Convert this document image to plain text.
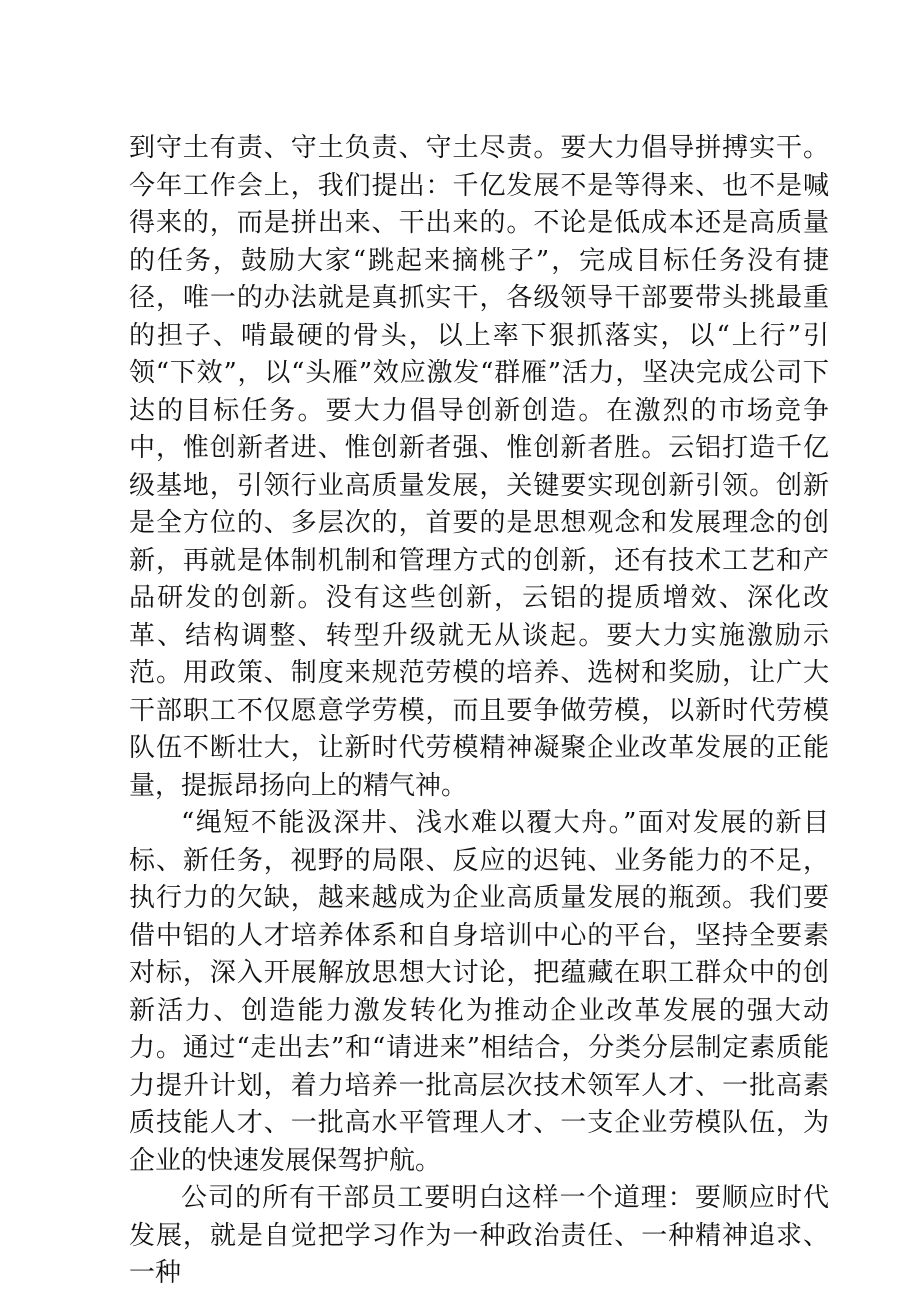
到守土有责、守土负责、守土尽责。要大力倡导拼搏实干。今年工作会上，我们提出：千亿发展不是等得来、也不是喊得来的，而是拼出来、干出来的。不论是低成本还是高质量的任务，鼓励大家“跳起来摘桃子”，完成目标任务没有捷径，唯一的办法就是真抓实干，各级领导干部要带头挑最重的担子、啃最硬的骨头，以上率下狠抓落实，以“上行”引领“下效”，以“头雁”效应激发“群雁”活力，坚决完成公司下达的目标任务。要大力倡导创新创造。在激烈的市场竞争中，惟创新者进、惟创新者强、惟创新者胜。云铝打造千亿级基地，引领行业高质量发展，关键要实现创新引领。创新是全方位的、多层次的，首要的是思想观念和发展理念的创新，再就是体制机制和管理方式的创新，还有技术工艺和产品研发的创新。没有这些创新，云铝的提质增效、深化改革、结构调整、转型升级就无从谈起。要大力实施激励示范。用政策、制度来规范劳模的培养、选树和奖励，让广大干部职工不仅愿意学劳模，而且要争做劳模，以新时代劳模队伍不断壮大，让新时代劳模精神凝聚企业改革发展的正能量，提振昂扬向上的精气神。

“绳短不能汲深井、浅水难以覆大舟。”面对发展的新目标、新任务，视野的局限、反应的迟钝、业务能力的不足，执行力的欠缺，越来越成为企业高质量发展的瓶颈。我们要借中铝的人才培养体系和自身培训中心的平台，坚持全要素对标，深入开展解放思想大讨论，把蕴藏在职工群众中的创新活力、创造能力激发转化为推动企业改革发展的强大动力。通过“走出去”和“请进来”相结合，分类分层制定素质能力提升计划，着力培养一批高层次技术领军人才、一批高素质技能人才、一批高水平管理人才、一支企业劳模队伍，为企业的快速发展保驾护航。

公司的所有干部员工要明白这样一个道理：要顺应时代发展，就是自觉把学习作为一种政治责任、一种精神追求、一种
